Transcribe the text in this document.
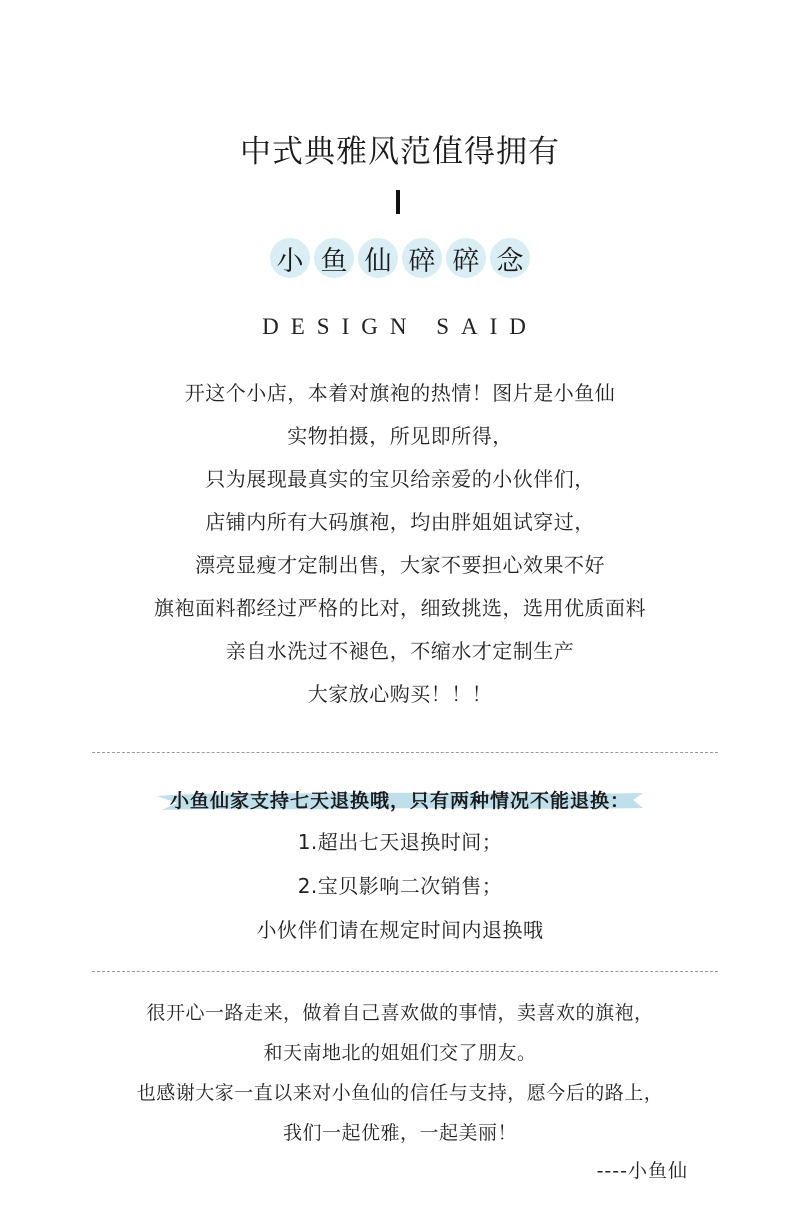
中式典雅风范值得拥有
小 鱼 仙 碎 碎 念
DESIGN SAID
开这个小店，本着对旗袍的热情！图片是小鱼仙
实物拍摄，所见即所得，
只为展现最真实的宝贝给亲爱的小伙伴们，
店铺内所有大码旗袍，均由胖姐姐试穿过，
漂亮显瘦才定制出售，大家不要担心效果不好
旗袍面料都经过严格的比对，细致挑选，选用优质面料
亲自水洗过不褪色，不缩水才定制生产
大家放心购买！！！
小鱼仙家支持七天退换哦，只有两种情况不能退换：
1.超出七天退换时间；
2.宝贝影响二次销售；
小伙伴们请在规定时间内退换哦
很开心一路走来，做着自己喜欢做的事情，卖喜欢的旗袍，
和天南地北的姐姐们交了朋友。
也感谢大家一直以来对小鱼仙的信任与支持，愿今后的路上，
我们一起优雅，一起美丽！
----小鱼仙
